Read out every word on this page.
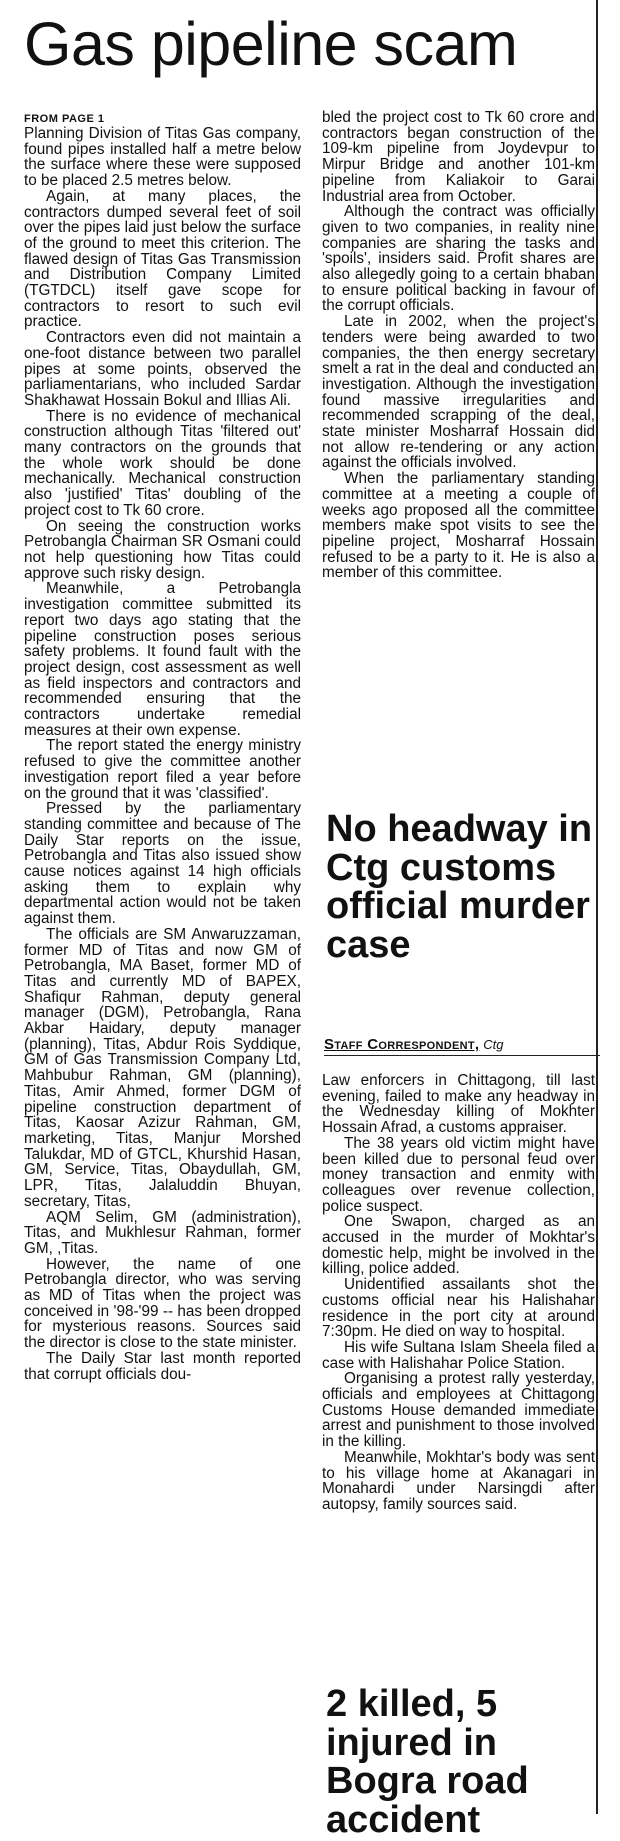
Gas pipeline scam
FROM PAGE 1

Planning Division of Titas Gas company, found pipes installed half a metre below the surface where these were supposed to be placed 2.5 metres below.

Again, at many places, the contractors dumped several feet of soil over the pipes laid just below the surface of the ground to meet this criterion. The flawed design of Titas Gas Transmission and Distribution Company Limited (TGTDCL) itself gave scope for contractors to resort to such evil practice.

Contractors even did not maintain a one-foot distance between two parallel pipes at some points, observed the parliamentarians, who included Sardar Shakhawat Hossain Bokul and Illias Ali.

There is no evidence of mechanical construction although Titas 'filtered out' many contractors on the grounds that the whole work should be done mechanically. Mechanical construction also 'justified' Titas' doubling of the project cost to Tk 60 crore.

On seeing the construction works Petrobangla Chairman SR Osmani could not help questioning how Titas could approve such risky design.

Meanwhile, a Petrobangla investigation committee submitted its report two days ago stating that the pipeline construction poses serious safety problems. It found fault with the project design, cost assessment as well as field inspectors and contractors and recommended ensuring that the contractors undertake remedial measures at their own expense.

The report stated the energy ministry refused to give the committee another investigation report filed a year before on the ground that it was 'classified'.

Pressed by the parliamentary standing committee and because of The Daily Star reports on the issue, Petrobangla and Titas also issued show cause notices against 14 high officials asking them to explain why departmental action would not be taken against them.

The officials are SM Anwaruzzaman, former MD of Titas and now GM of Petrobangla, MA Baset, former MD of Titas and currently MD of BAPEX, Shafiqur Rahman, deputy general manager (DGM), Petrobangla, Rana Akbar Haidary, deputy manager (planning), Titas, Abdur Rois Syddique, GM of Gas Transmission Company Ltd, Mahbubur Rahman, GM (planning), Titas, Amir Ahmed, former DGM of pipeline construction department of Titas, Kaosar Azizur Rahman, GM, marketing, Titas, Manjur Morshed Talukdar, MD of GTCL, Khurshid Hasan, GM, Service, Titas, Obaydullah, GM, LPR, Titas, Jalaluddin Bhuyan, secretary, Titas,

AQM Selim, GM (administration), Titas, and Mukhlesur Rahman, former GM, ,Titas.

However, the name of one Petrobangla director, who was serving as MD of Titas when the project was conceived in '98-'99 -- has been dropped for mysterious reasons. Sources said the director is close to the state minister.

The Daily Star last month reported that corrupt officials dou-

bled the project cost to Tk 60 crore and contractors began construction of the 109-km pipeline from Joydevpur to Mirpur Bridge and another 101-km pipeline from Kaliakoir to Garai Industrial area from October.

Although the contract was officially given to two companies, in reality nine companies are sharing the tasks and 'spoils', insiders said. Profit shares are also allegedly going to a certain bhaban to ensure political backing in favour of the corrupt officials.

Late in 2002, when the project's tenders were being awarded to two companies, the then energy secretary smelt a rat in the deal and conducted an investigation. Although the investigation found massive irregularities and recommended scrapping of the deal, state minister Mosharraf Hossain did not allow re-tendering or any action against the officials involved.

When the parliamentary standing committee at a meeting a couple of weeks ago proposed all the committee members make spot visits to see the pipeline project, Mosharraf Hossain refused to be a party to it. He is also a member of this committee.

No headway in Ctg customs official murder case
Staff Correspondent, Ctg

Law enforcers in Chittagong, till last evening, failed to make any headway in the Wednesday killing of Mokhter Hossain Afrad, a customs appraiser.

The 38 years old victim might have been killed due to personal feud over money transaction and enmity with colleagues over revenue collection, police suspect.

One Swapon, charged as an accused in the murder of Mokhtar's domestic help, might be involved in the killing, police added.

Unidentified assailants shot the customs official near his Halishahar residence in the port city at around 7:30pm. He died on way to hospital.

His wife Sultana Islam Sheela filed a case with Halishahar Police Station.

Organising a protest rally yesterday, officials and employees at Chittagong Customs House demanded immediate arrest and punishment to those involved in the killing.

Meanwhile, Mokhtar's body was sent to his village home at Akanagari in Monahardi under Narsingdi after autopsy, family sources said.

2 killed, 5 injured in Bogra road accident
